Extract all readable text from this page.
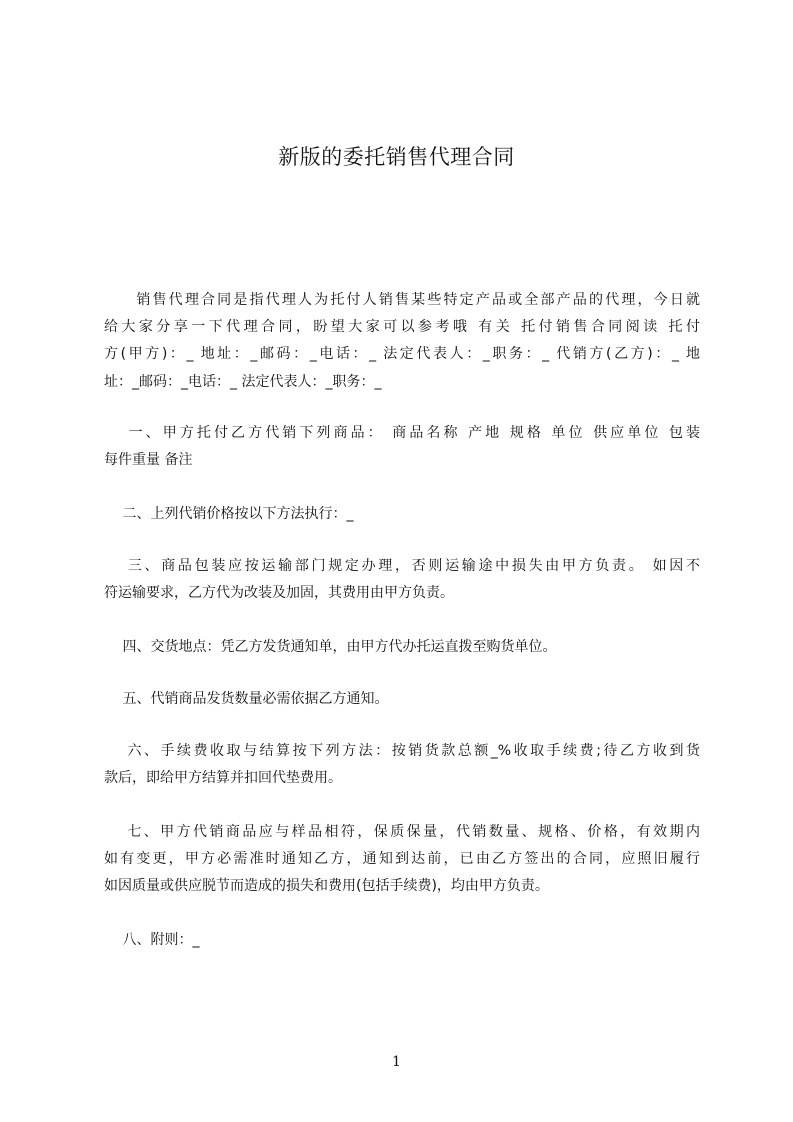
新版的委托销售代理合同

　　销售代理合同是指代理人为托付人销售某些特定产品或全部产品的代理，今日就
给大家分享一下代理合同，盼望大家可以参考哦 有关 托付销售合同阅读 托付
方(甲方)：_ 地址：_邮码：_电话：_ 法定代表人：_职务：_ 代销方(乙方)：_ 地
址：_邮码：_电话：_ 法定代表人：_职务：_

　 一、甲方托付乙方代销下列商品： 商品名称 产地 规格 单位 供应单位 包装
每件重量 备注

　 二、上列代销价格按以下方法执行：_

　 三、商品包装应按运输部门规定办理，否则运输途中损失由甲方负责。 如因不
符运输要求，乙方代为改装及加固，其费用由甲方负责。

　 四、交货地点：凭乙方发货通知单，由甲方代办托运直拨至购货单位。

　 五、代销商品发货数量必需依据乙方通知。

　 六、手续费收取与结算按下列方法：按销货款总额_%收取手续费;待乙方收到货
款后，即给甲方结算并扣回代垫费用。

　 七、甲方代销商品应与样品相符，保质保量，代销数量、规格、价格，有效期内
如有变更，甲方必需准时通知乙方，通知到达前，已由乙方签出的合同，应照旧履行
如因质量或供应脱节而造成的损失和费用(包括手续费)，均由甲方负责。

　 八、附则：_

1
